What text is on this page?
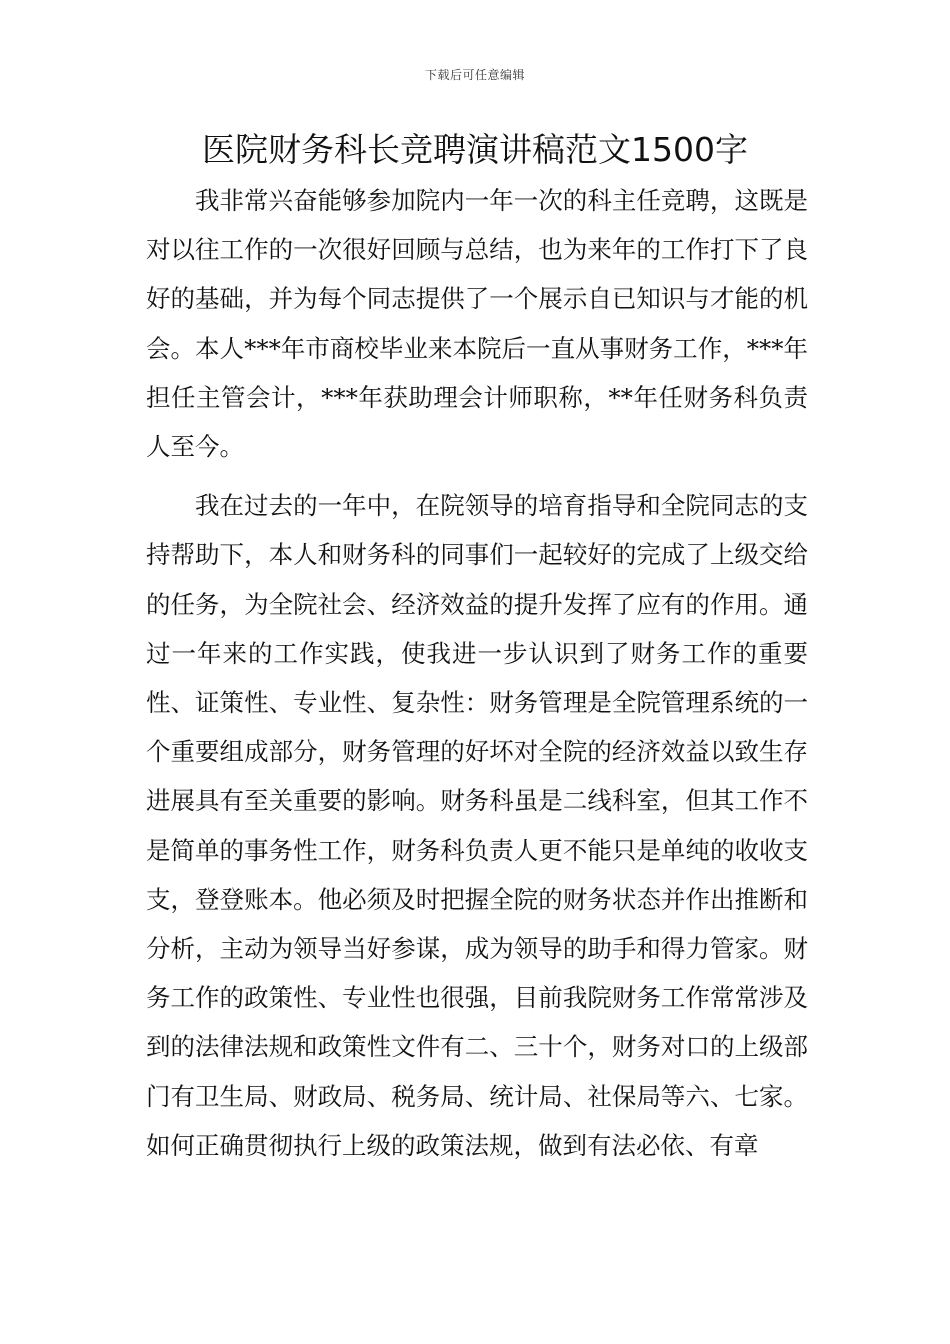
下载后可任意编辑
医院财务科长竞聘演讲稿范文1500字

我非常兴奋能够参加院内一年一次的科主任竞聘，这既是对以往工作的一次很好回顾与总结，也为来年的工作打下了良好的基础，并为每个同志提供了一个展示自已知识与才能的机会。本人***年市商校毕业来本院后一直从事财务工作，***年担任主管会计，***年获助理会计师职称，**年任财务科负责人至今。

我在过去的一年中，在院领导的培育指导和全院同志的支持帮助下，本人和财务科的同事们一起较好的完成了上级交给的任务，为全院社会、经济效益的提升发挥了应有的作用。通过一年来的工作实践，使我进一步认识到了财务工作的重要性、证策性、专业性、复杂性：财务管理是全院管理系统的一个重要组成部分，财务管理的好坏对全院的经济效益以致生存进展具有至关重要的影响。财务科虽是二线科室，但其工作不是简单的事务性工作，财务科负责人更不能只是单纯的收收支支，登登账本。他必须及时把握全院的财务状态并作出推断和分析，主动为领导当好参谋，成为领导的助手和得力管家。财务工作的政策性、专业性也很强，目前我院财务工作常常涉及到的法律法规和政策性文件有二、三十个，财务对口的上级部门有卫生局、财政局、税务局、统计局、社保局等六、七家。如何正确贯彻执行上级的政策法规，做到有法必依、有章
